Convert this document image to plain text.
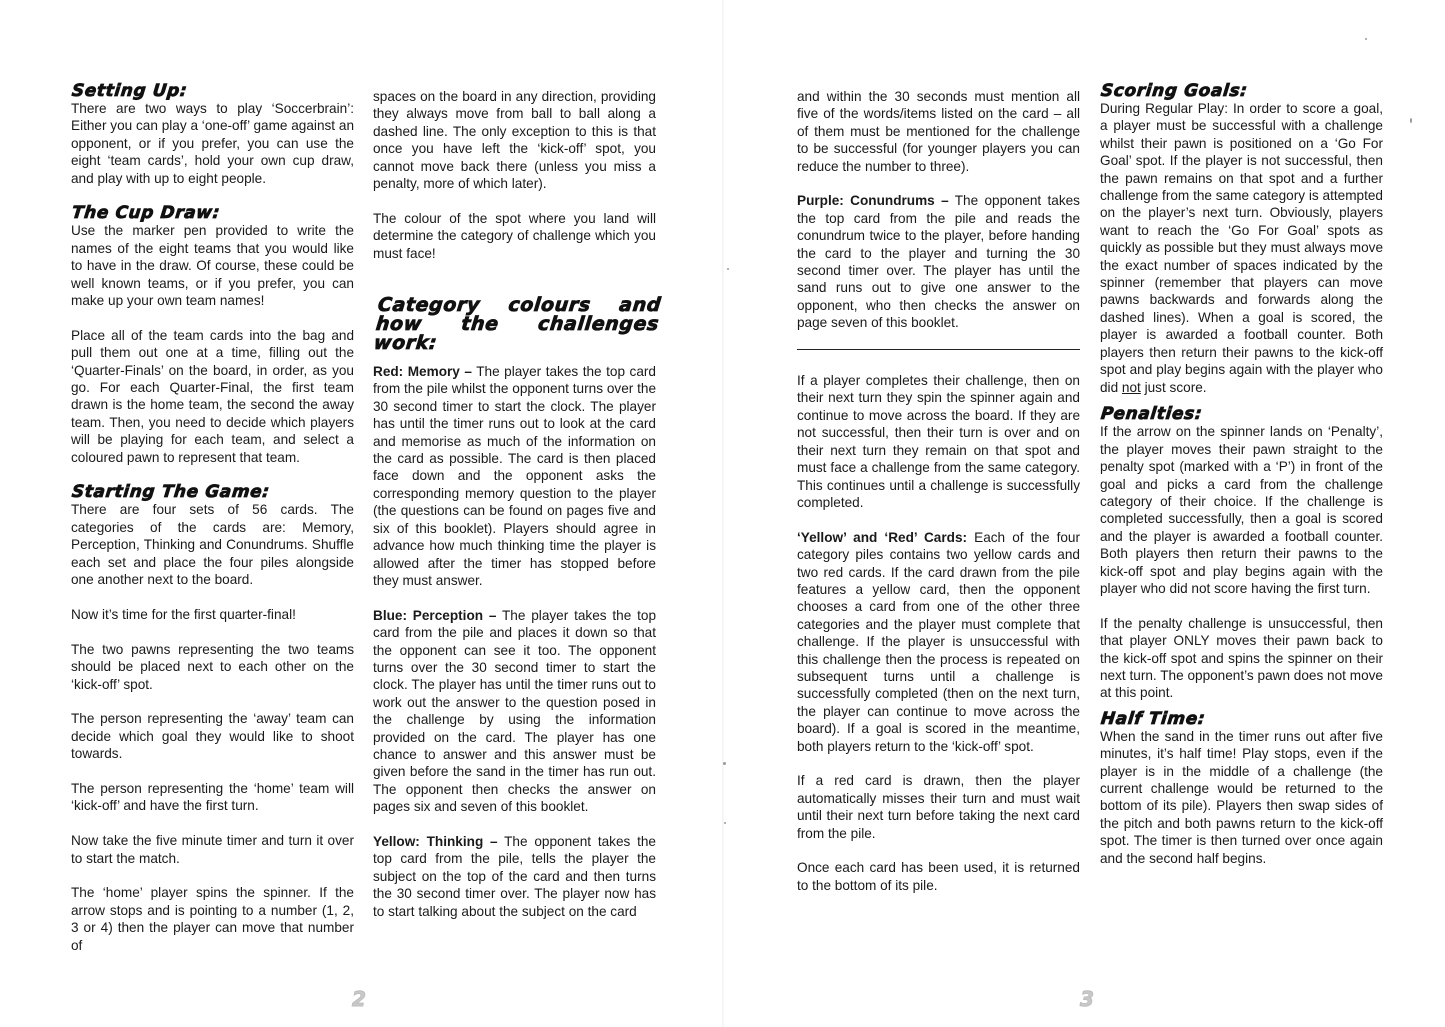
Setting Up:

There are two ways to play ‘Soccerbrain’: Either you can play a ‘one-off’ game against an opponent, or if you prefer, you can use the eight ‘team cards’, hold your own cup draw, and play with up to eight people.

The Cup Draw:

Use the marker pen provided to write the names of the eight teams that you would like to have in the draw. Of course, these could be well known teams, or if you prefer, you can make up your own team names!

Place all of the team cards into the bag and pull them out one at a time, filling out the ‘Quarter-Finals’ on the board, in order, as you go. For each Quarter-Final, the first team drawn is the home team, the second the away team. Then, you need to decide which players will be playing for each team, and select a coloured pawn to represent that team.

Starting The Game:

There are four sets of 56 cards. The categories of the cards are: Memory, Perception, Thinking and Conundrums. Shuffle each set and place the four piles alongside one another next to the board.

Now it’s time for the first quarter-final!

The two pawns representing the two teams should be placed next to each other on the ‘kick-off’ spot.

The person representing the ‘away’ team can decide which goal they would like to shoot towards.

The person representing the ‘home’ team will ‘kick-off’ and have the first turn.

Now take the five minute timer and turn it over to start the match.

The ‘home’ player spins the spinner. If the arrow stops and is pointing to a number (1, 2, 3 or 4) then the player can move that number of

spaces on the board in any direction, providing they always move from ball to ball along a dashed line. The only exception to this is that once you have left the ‘kick-off’ spot, you cannot move back there (unless you miss a penalty, more of which later).

The colour of the spot where you land will determine the category of challenge which you must face!

Category colours and how the challenges work:

Red: Memory – The player takes the top card from the pile whilst the opponent turns over the 30 second timer to start the clock. The player has until the timer runs out to look at the card and memorise as much of the information on the card as possible. The card is then placed face down and the opponent asks the corresponding memory question to the player (the questions can be found on pages five and six of this booklet). Players should agree in advance how much thinking time the player is allowed after the timer has stopped before they must answer.

Blue: Perception – The player takes the top card from the pile and places it down so that the opponent can see it too. The opponent turns over the 30 second timer to start the clock. The player has until the timer runs out to work out the answer to the question posed in the challenge by using the information provided on the card. The player has one chance to answer and this answer must be given before the sand in the timer has run out. The opponent then checks the answer on pages six and seven of this booklet.

Yellow: Thinking – The opponent takes the top card from the pile, tells the player the subject on the top of the card and then turns the 30 second timer over. The player now has to start talking about the subject on the card

and within the 30 seconds must mention all five of the words/items listed on the card – all of them must be mentioned for the challenge to be successful (for younger players you can reduce the number to three).

Purple: Conundrums – The opponent takes the top card from the pile and reads the conundrum twice to the player, before handing the card to the player and turning the 30 second timer over. The player has until the sand runs out to give one answer to the opponent, who then checks the answer on page seven of this booklet.

If a player completes their challenge, then on their next turn they spin the spinner again and continue to move across the board. If they are not successful, then their turn is over and on their next turn they remain on that spot and must face a challenge from the same category. This continues until a challenge is successfully completed.

‘Yellow’ and ‘Red’ Cards: Each of the four category piles contains two yellow cards and two red cards. If the card drawn from the pile features a yellow card, then the opponent chooses a card from one of the other three categories and the player must complete that challenge. If the player is unsuccessful with this challenge then the process is repeated on subsequent turns until a challenge is successfully completed (then on the next turn, the player can continue to move across the board). If a goal is scored in the meantime, both players return to the ‘kick-off’ spot.

If a red card is drawn, then the player automatically misses their turn and must wait until their next turn before taking the next card from the pile.

Once each card has been used, it is returned to the bottom of its pile.

Scoring Goals:

During Regular Play: In order to score a goal, a player must be successful with a challenge whilst their pawn is positioned on a ‘Go For Goal’ spot. If the player is not successful, then the pawn remains on that spot and a further challenge from the same category is attempted on the player’s next turn. Obviously, players want to reach the ‘Go For Goal’ spots as quickly as possible but they must always move the exact number of spaces indicated by the spinner (remember that players can move pawns backwards and forwards along the dashed lines). When a goal is scored, the player is awarded a football counter. Both players then return their pawns to the kick-off spot and play begins again with the player who did not just score.

Penalties:

If the arrow on the spinner lands on ‘Penalty’, the player moves their pawn straight to the penalty spot (marked with a ‘P’) in front of the goal and picks a card from the challenge category of their choice. If the challenge is completed successfully, then a goal is scored and the player is awarded a football counter. Both players then return their pawns to the kick-off spot and play begins again with the player who did not score having the first turn.

If the penalty challenge is unsuccessful, then that player ONLY moves their pawn back to the kick-off spot and spins the spinner on their next turn. The opponent’s pawn does not move at this point.

Half Time:

When the sand in the timer runs out after five minutes, it’s half time! Play stops, even if the player is in the middle of a challenge (the current challenge would be returned to the bottom of its pile). Players then swap sides of the pitch and both pawns return to the kick-off spot. The timer is then turned over once again and the second half begins.

2	3
